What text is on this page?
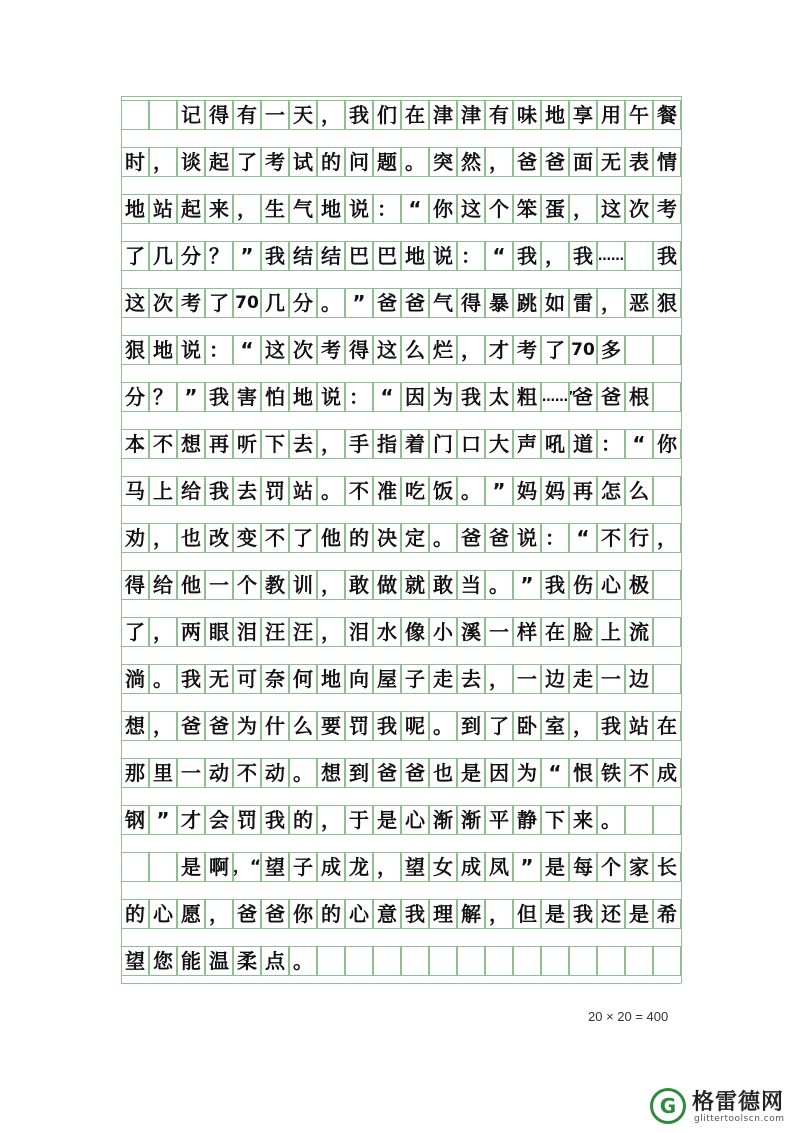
记 得 有 一 天 ， 我 们 在 津 津 有 味 地 享 用 午 餐
时 ， 谈 起 了 考 试 的 问 题 。 突 然 ， 爸 爸 面 无 表 情
地 站 起 来 ， 生 气 地 说 ： “ 你 这 个 笨 蛋 ， 这 次 考
了 几 分 ？ ” 我 结 结 巴 巴 地 说 ： “ 我 ， 我 …… 我
这 次 考 了 70 几 分 。 ” 爸 爸 气 得 暴 跳 如 雷 ， 恶 狠
狠 地 说 ： “ 这 次 考 得 这 么 烂 ， 才 考 了 70 多
分 ？ ” 我 害 怕 地 说 ： “ 因 为 我 太 粗 ……”
爸 爸 根
本 不 想 再 听 下 去 ， 手 指 着 门 口 大 声 吼 道 ： “ 你
马 上 给 我 去 罚 站 。 不 准 吃 饭 。 ” 妈 妈 再 怎 么
劝 ， 也 改 变 不 了 他 的 决 定 。 爸 爸 说 ： “ 不 行 ，
得 给 他 一 个 教 训 ， 敢 做 就 敢 当 。 ” 我 伤 心 极
了 ， 两 眼 泪 汪 汪 ， 泪 水 像 小 溪 一 样 在 脸 上 流
淌 。 我 无 可 奈 何 地 向 屋 子 走 去 ， 一 边 走 一 边
想 ， 爸 爸 为 什 么 要 罚 我 呢 。 到 了 卧 室 ， 我 站 在
那 里 一 动 不 动 。 想 到 爸 爸 也 是 因 为 “ 恨 铁 不 成
钢 ” 才 会 罚 我 的 ， 于 是 心 渐 渐 平 静 下 来 。
是 啊 ，“ 望 子 成 龙 ， 望 女 成 凤 ” 是 每 个 家 长
的 心 愿 ， 爸 爸 你 的 心 意 我 理 解 ， 但 是 我 还 是 希
望 您 能 温 柔 点 。
20 × 20 = 400
G 格雷德网
glittertoolscn.com
